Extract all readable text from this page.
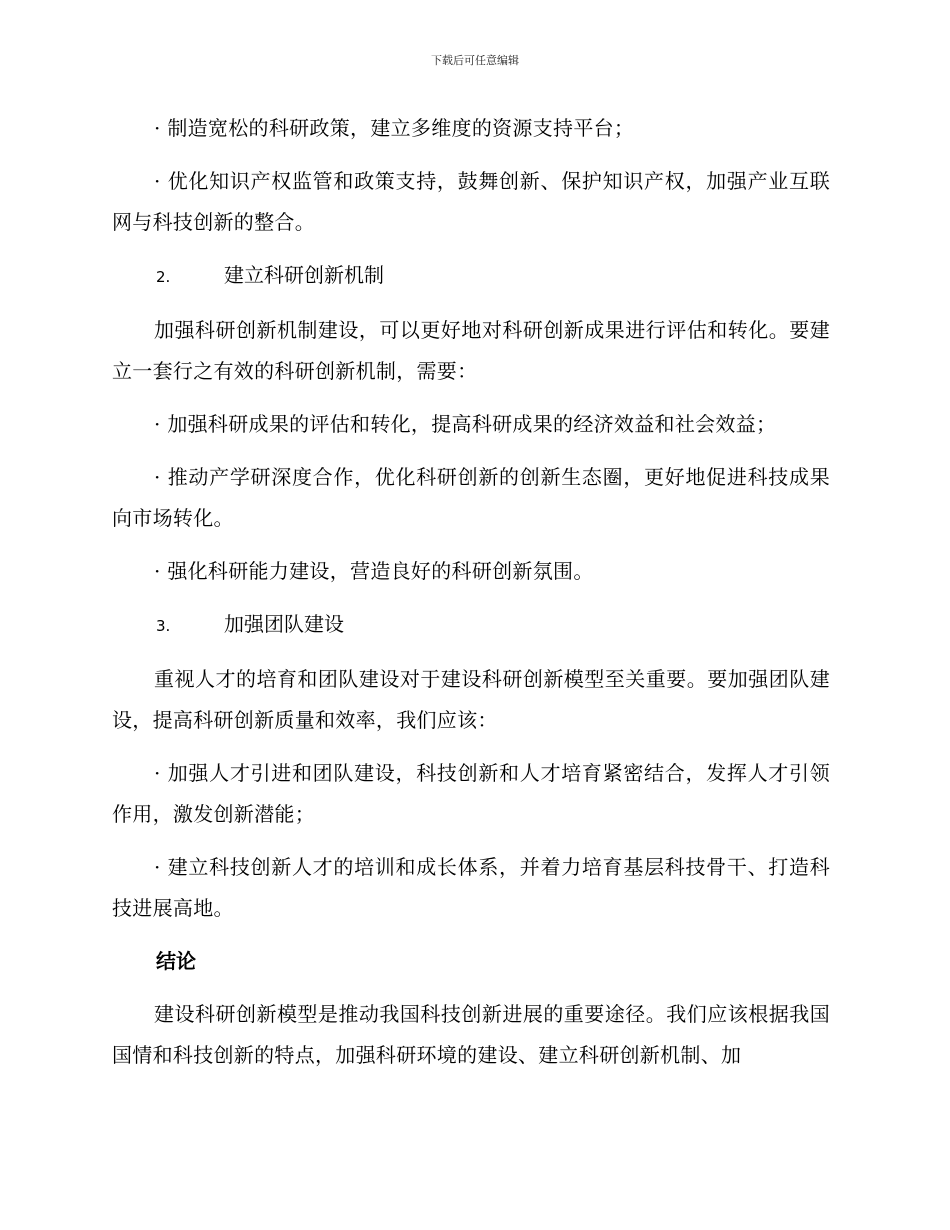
下载后可任意编辑

· 制造宽松的科研政策，建立多维度的资源支持平台；

· 优化知识产权监管和政策支持，鼓舞创新、保护知识产权，加强产业互联网与科技创新的整合。

2.	建立科研创新机制

加强科研创新机制建设，可以更好地对科研创新成果进行评估和转化。要建立一套行之有效的科研创新机制，需要：

· 加强科研成果的评估和转化，提高科研成果的经济效益和社会效益；

· 推动产学研深度合作，优化科研创新的创新生态圈，更好地促进科技成果向市场转化。

· 强化科研能力建设，营造良好的科研创新氛围。

3.	加强团队建设

重视人才的培育和团队建设对于建设科研创新模型至关重要。要加强团队建设，提高科研创新质量和效率，我们应该：

· 加强人才引进和团队建设，科技创新和人才培育紧密结合，发挥人才引领作用，激发创新潜能；

· 建立科技创新人才的培训和成长体系，并着力培育基层科技骨干、打造科技进展高地。

结论

建设科研创新模型是推动我国科技创新进展的重要途径。我们应该根据我国国情和科技创新的特点，加强科研环境的建设、建立科研创新机制、加
